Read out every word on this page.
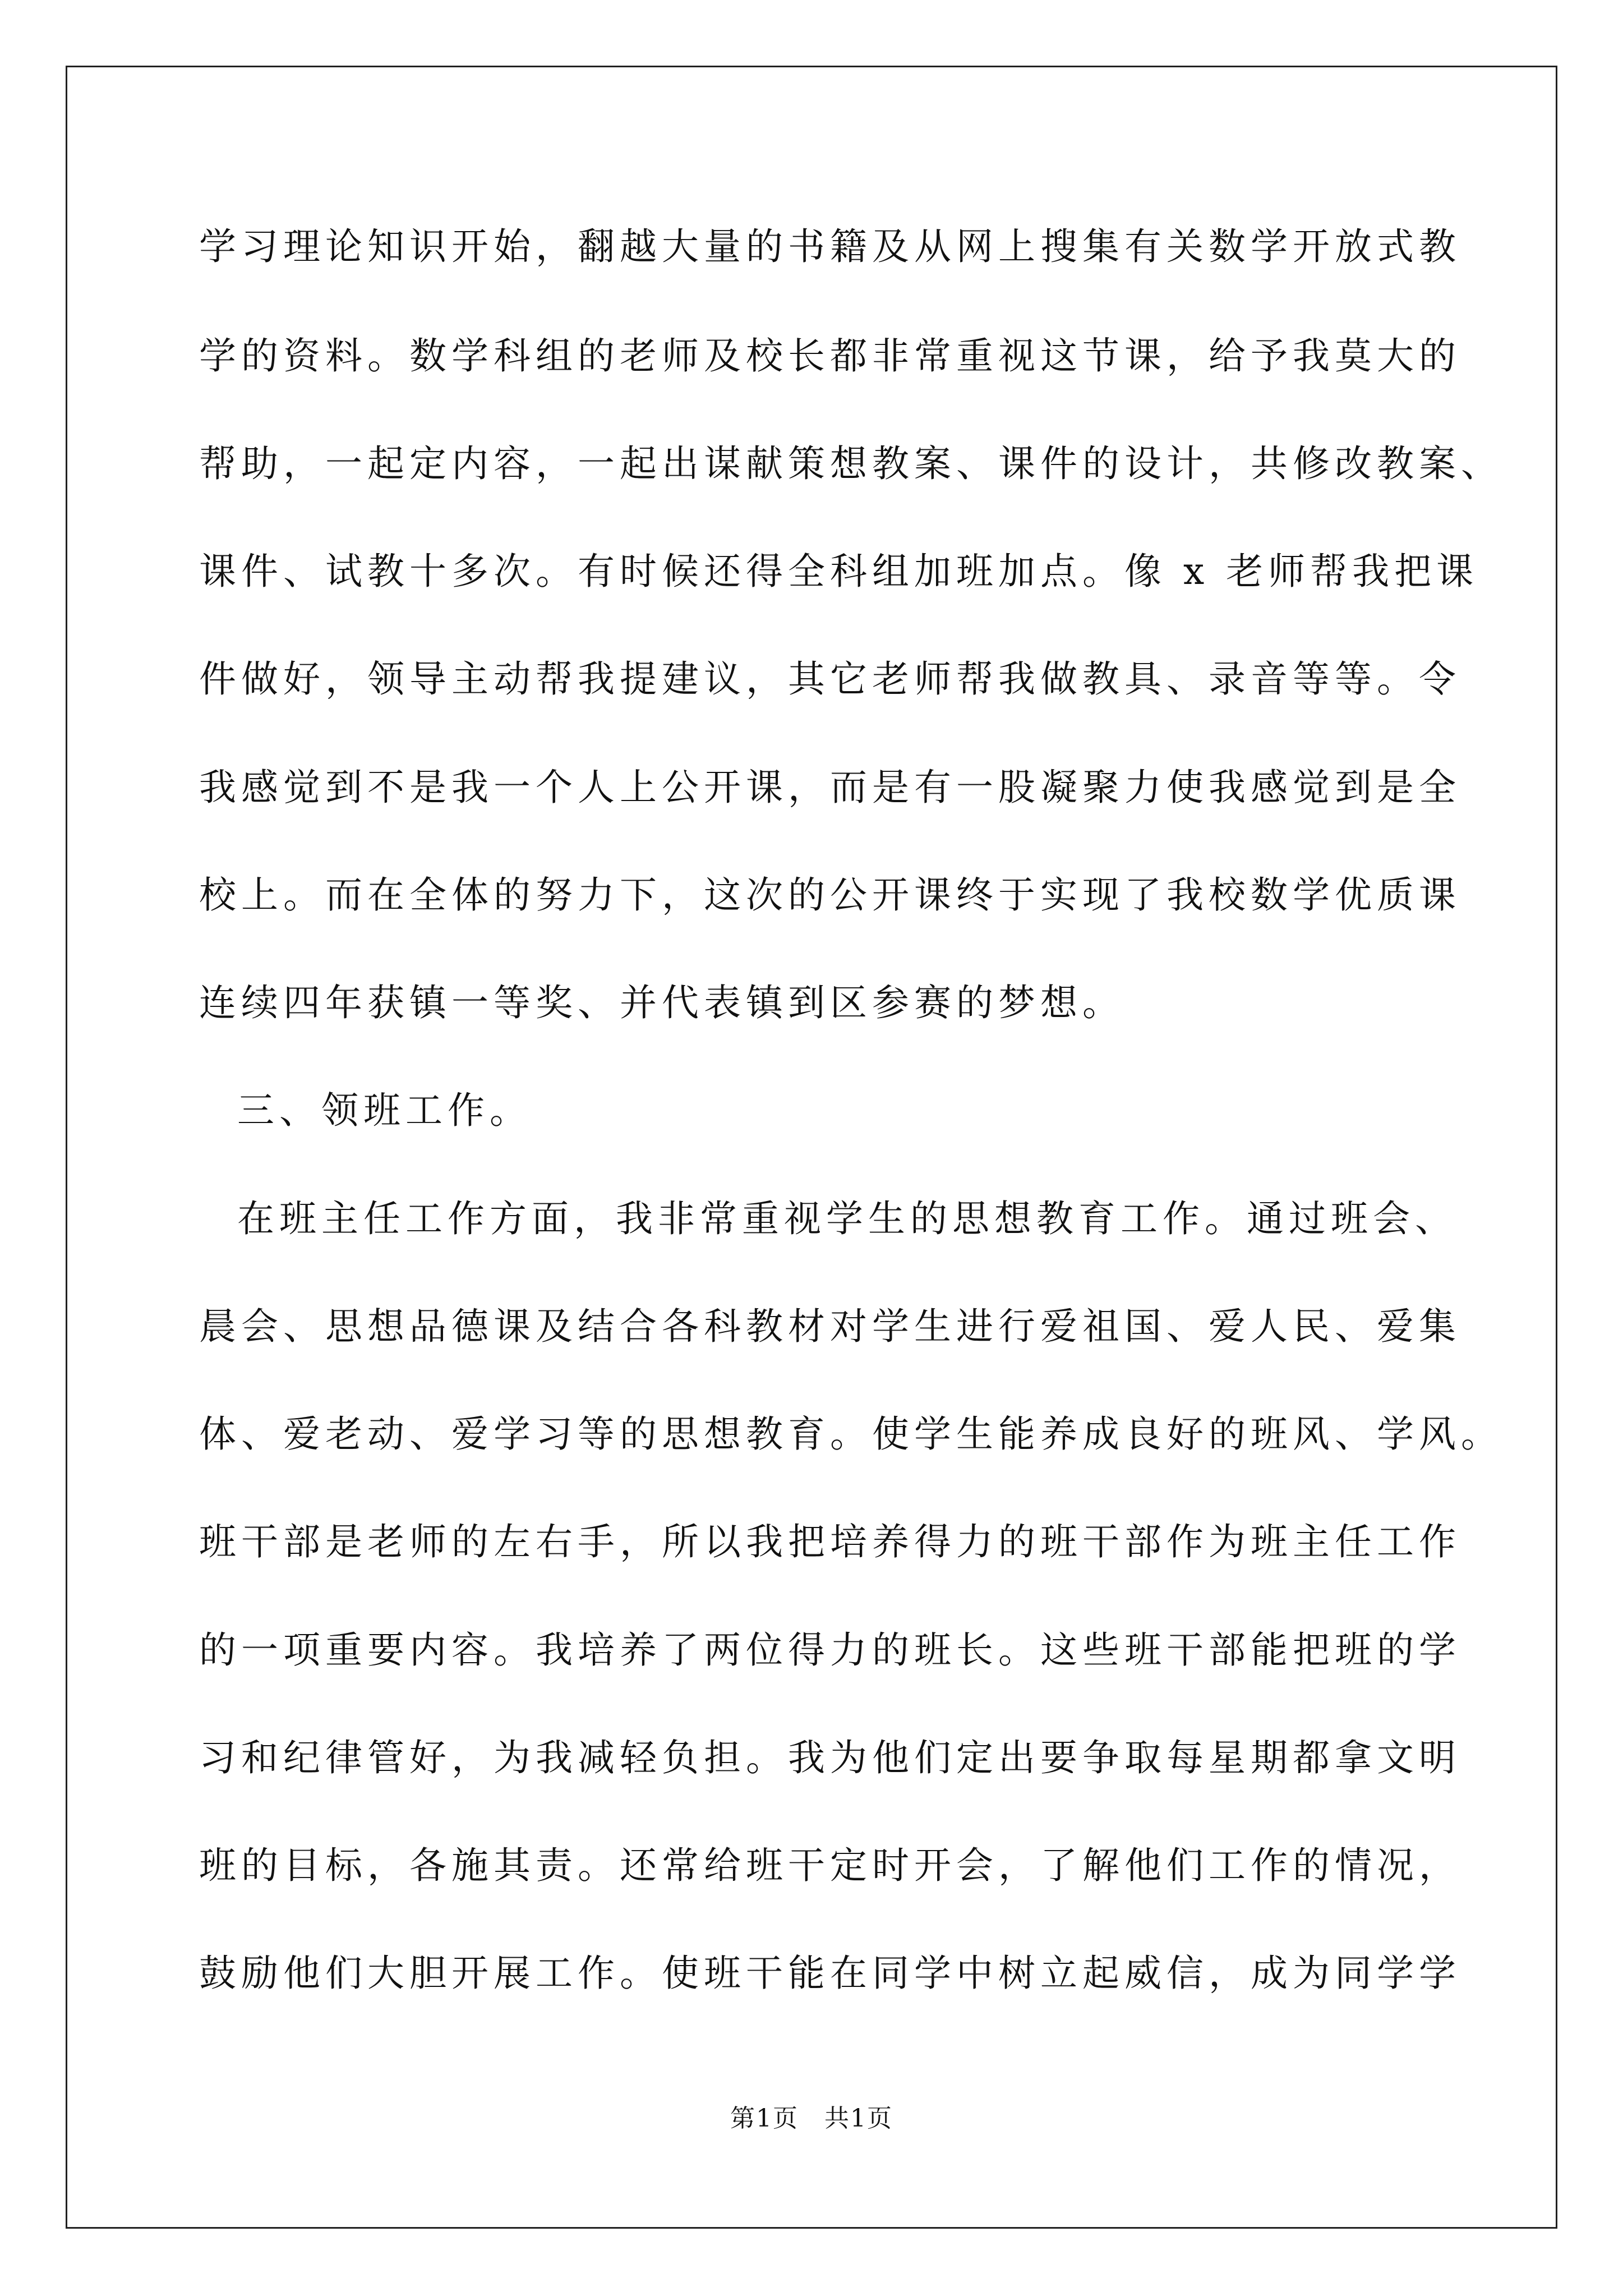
学习理论知识开始，翻越大量的书籍及从网上搜集有关数学开放式教
学的资料。数学科组的老师及校长都非常重视这节课，给予我莫大的
帮助，一起定内容，一起出谋献策想教案、课件的设计，共修改教案、
课件、试教十多次。有时候还得全科组加班加点。像 x 老师帮我把课
件做好，领导主动帮我提建议，其它老师帮我做教具、录音等等。令
我感觉到不是我一个人上公开课，而是有一股凝聚力使我感觉到是全
校上。而在全体的努力下，这次的公开课终于实现了我校数学优质课
连续四年获镇一等奖、并代表镇到区参赛的梦想。
三、领班工作。
在班主任工作方面，我非常重视学生的思想教育工作。通过班会、
晨会、思想品德课及结合各科教材对学生进行爱祖国、爱人民、爱集
体、爱老动、爱学习等的思想教育。使学生能养成良好的班风、学风。
班干部是老师的左右手，所以我把培养得力的班干部作为班主任工作
的一项重要内容。我培养了两位得力的班长。这些班干部能把班的学
习和纪律管好，为我减轻负担。我为他们定出要争取每星期都拿文明
班的目标，各施其责。还常给班干定时开会，了解他们工作的情况，
鼓励他们大胆开展工作。使班干能在同学中树立起威信，成为同学学
第1页　共1页
